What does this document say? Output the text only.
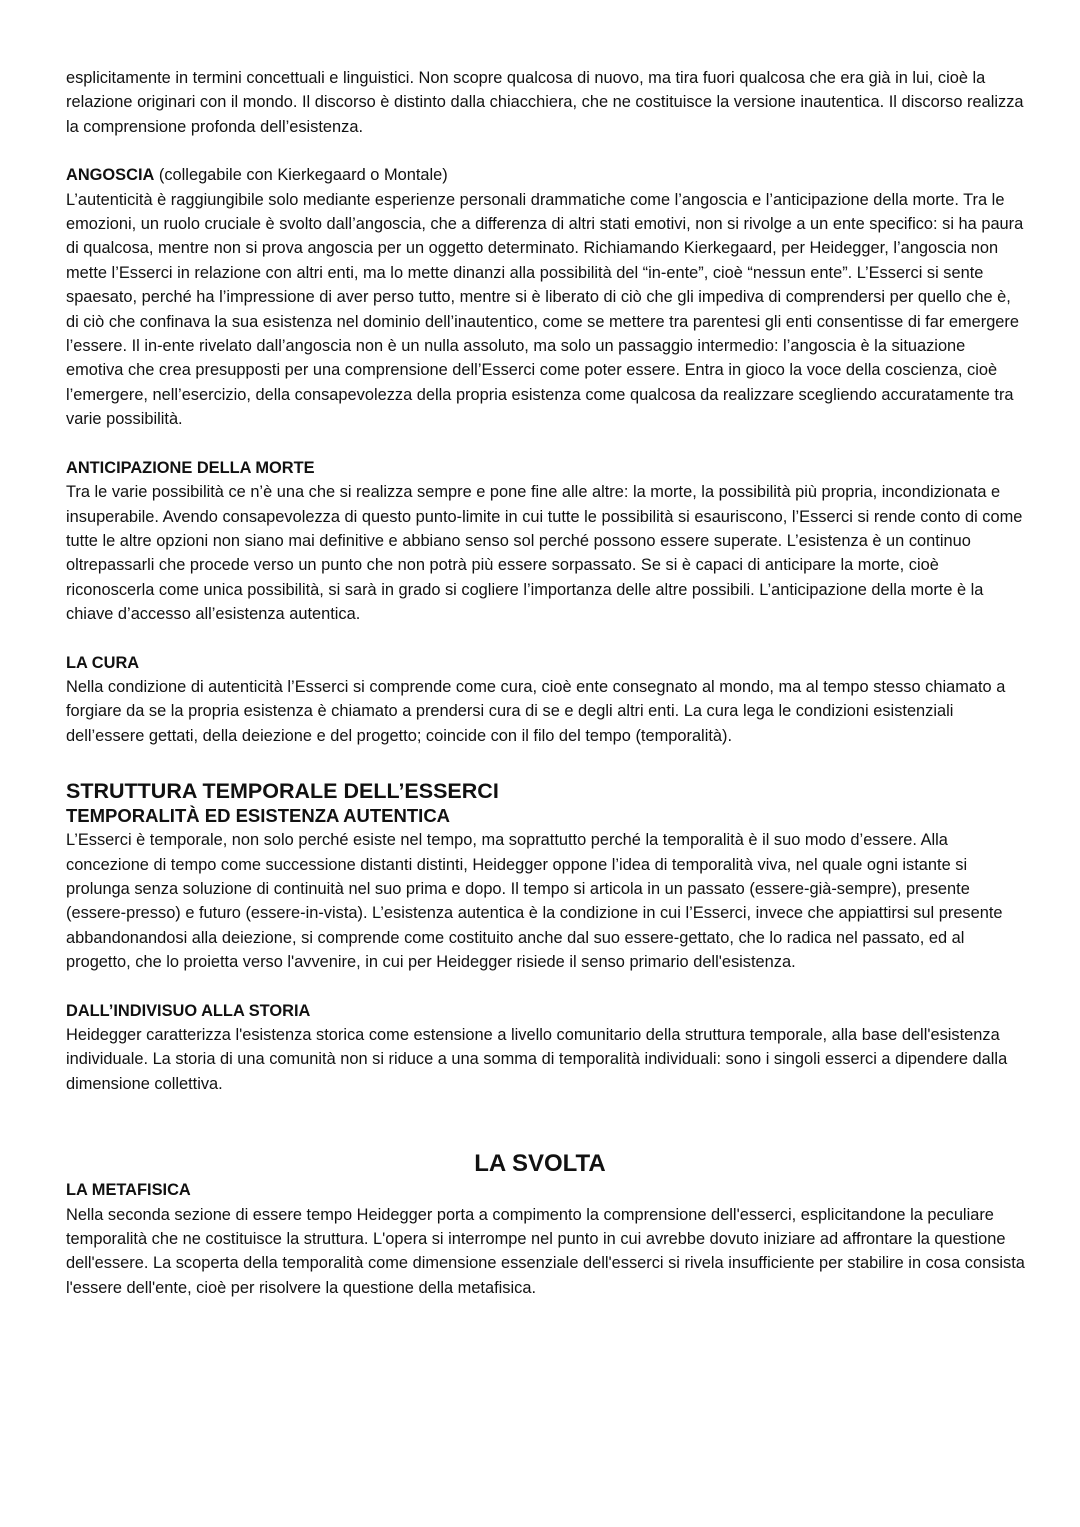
esplicitamente in termini concettuali e linguistici. Non scopre qualcosa di nuovo, ma tira fuori qualcosa che era già in lui, cioè la relazione originari con il mondo. Il discorso è distinto dalla chiacchiera, che ne costituisce la versione inautentica. Il discorso realizza la comprensione profonda dell’esistenza.

ANGOSCIA (collegabile con Kierkegaard o Montale)

L’autenticità è raggiungibile solo mediante esperienze personali drammatiche come l’angoscia e l’anticipazione della morte. Tra le emozioni, un ruolo cruciale è svolto dall’angoscia, che a differenza di altri stati emotivi, non si rivolge a un ente specifico: si ha paura di qualcosa, mentre non si prova angoscia per un oggetto determinato. Richiamando Kierkegaard, per Heidegger, l’angoscia non mette l’Esserci in relazione con altri enti, ma lo mette dinanzi alla possibilità del “in-ente”, cioè “nessun ente”. L’Esserci si sente spaesato, perché ha l’impressione di aver perso tutto, mentre si è liberato di ciò che gli impediva di comprendersi per quello che è, di ciò che confinava la sua esistenza nel dominio dell’inautentico, come se mettere tra parentesi gli enti consentisse di far emergere l’essere. Il in-ente rivelato dall’angoscia non è un nulla assoluto, ma solo un passaggio intermedio: l’angoscia è la situazione emotiva che crea presupposti per una comprensione dell’Esserci come poter essere. Entra in gioco la voce della coscienza, cioè l’emergere, nell’esercizio, della consapevolezza della propria esistenza come qualcosa da realizzare scegliendo accuratamente tra varie possibilità.

ANTICIPAZIONE DELLA MORTE

Tra le varie possibilità ce n’è una che si realizza sempre e pone fine alle altre: la morte, la possibilità più propria, incondizionata e insuperabile. Avendo consapevolezza di questo punto-limite in cui tutte le possibilità si esauriscono, l’Esserci si rende conto di come tutte le altre opzioni non siano mai definitive e abbiano senso sol perché possono essere superate. L’esistenza è un continuo oltrepassarli che procede verso un punto che non potrà più essere sorpassato. Se si è capaci di anticipare la morte, cioè riconoscerla come unica possibilità, si sarà in grado si cogliere l’importanza delle altre possibili. L’anticipazione della morte è la chiave d’accesso all’esistenza autentica.

LA CURA

Nella condizione di autenticità l’Esserci si comprende come cura, cioè ente consegnato al mondo, ma al tempo stesso chiamato a forgiare da se la propria esistenza è chiamato a prendersi cura di se e degli altri enti. La cura lega le condizioni esistenziali dell’essere gettati, della deiezione e del progetto; coincide con il filo del tempo (temporalità).

STRUTTURA TEMPORALE DELL’ESSERCI
TEMPORALITÀ ED ESISTENZA AUTENTICA

L’Esserci è temporale, non solo perché esiste nel tempo, ma soprattutto perché la temporalità è il suo modo d’essere. Alla concezione di tempo come successione distanti distinti, Heidegger oppone l’idea di temporalità viva, nel quale ogni istante si prolunga senza soluzione di continuità nel suo prima e dopo. Il tempo si articola in un passato (essere-già-sempre), presente (essere-presso) e futuro (essere-in-vista). L’esistenza autentica è la condizione in cui l’Esserci, invece che appiattirsi sul presente abbandonandosi alla deiezione, si comprende come costituito anche dal suo essere-gettato, che lo radica nel passato, ed al progetto, che lo proietta verso l'avvenire, in cui per Heidegger risiede il senso primario dell'esistenza.

DALL’INDIVISUO ALLA STORIA

Heidegger caratterizza l'esistenza storica come estensione a livello comunitario della struttura temporale, alla base dell'esistenza individuale. La storia di una comunità non si riduce a una somma di temporalità individuali: sono i singoli esserci a dipendere dalla dimensione collettiva.

LA SVOLTA
LA METAFISICA

Nella seconda sezione di essere tempo Heidegger porta a compimento la comprensione dell'esserci, esplicitandone la peculiare temporalità che ne costituisce la struttura. L'opera si interrompe nel punto in cui avrebbe dovuto iniziare ad affrontare la questione dell'essere. La scoperta della temporalità come dimensione essenziale dell'esserci si rivela insufficiente per stabilire in cosa consista l'essere dell'ente, cioè per risolvere la questione della metafisica.
